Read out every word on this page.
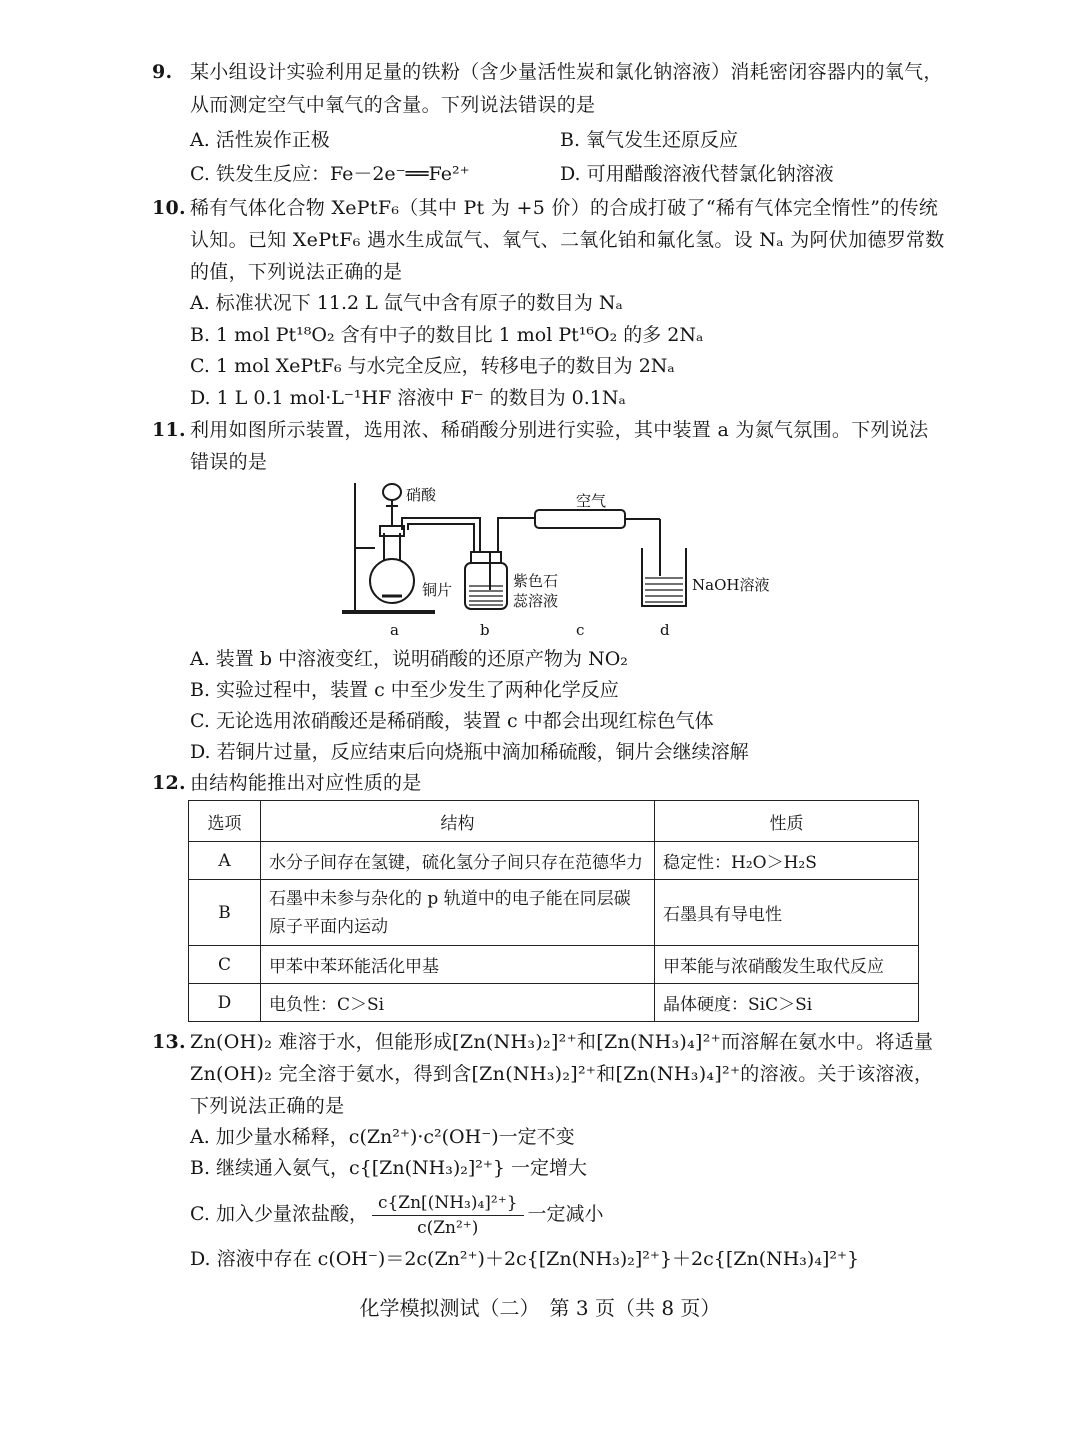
9. 某小组设计实验利用足量的铁粉（含少量活性炭和氯化钠溶液）消耗密闭容器内的氧气，
从而测定空气中氧气的含量。下列说法错误的是
A. 活性炭作正极	B. 氧气发生还原反应
C. 铁发生反应：Fe－2e⁻══Fe²⁺	D. 可用醋酸溶液代替氯化钠溶液
10. 稀有气体化合物 XePtF₆（其中 Pt 为 +5 价）的合成打破了“稀有气体完全惰性”的传统
认知。已知 XePtF₆ 遇水生成氙气、氧气、二氧化铂和氟化氢。设 Nₐ 为阿伏加德罗常数
的值，下列说法正确的是
A. 标准状况下 11.2 L 氙气中含有原子的数目为 Nₐ
B. 1 mol Pt¹⁸O₂ 含有中子的数目比 1 mol Pt¹⁶O₂ 的多 2Nₐ
C. 1 mol XePtF₆ 与水完全反应，转移电子的数目为 2Nₐ
D. 1 L 0.1 mol·L⁻¹HF 溶液中 F⁻ 的数目为 0.1Nₐ
11. 利用如图所示装置，选用浓、稀硝酸分别进行实验，其中装置 a 为氮气氛围。下列说法
错误的是
硝酸	空气
铜片	紫色石
蕊溶液
NaOH溶液
a	b	c	d
A. 装置 b 中溶液变红，说明硝酸的还原产物为 NO₂
B. 实验过程中，装置 c 中至少发生了两种化学反应
C. 无论选用浓硝酸还是稀硝酸，装置 c 中都会出现红棕色气体
D. 若铜片过量，反应结束后向烧瓶中滴加稀硫酸，铜片会继续溶解
12. 由结构能推出对应性质的是
选项	结构	性质
A	水分子间存在氢键，硫化氢分子间只存在范德华力	稳定性：H₂O＞H₂S
B	石墨中未参与杂化的 p 轨道中的电子能在同层碳原子平面内运动	石墨具有导电性
C	甲苯中苯环能活化甲基	甲苯能与浓硝酸发生取代反应
D	电负性：C＞Si	晶体硬度：SiC＞Si
13. Zn(OH)₂ 难溶于水，但能形成[Zn(NH₃)₂]²⁺和[Zn(NH₃)₄]²⁺而溶解在氨水中。将适量
Zn(OH)₂ 完全溶于氨水，得到含[Zn(NH₃)₂]²⁺和[Zn(NH₃)₄]²⁺的溶液。关于该溶液，
下列说法正确的是
A. 加少量水稀释，c(Zn²⁺)·c²(OH⁻)一定不变
B. 继续通入氨气，c{[Zn(NH₃)₂]²⁺} 一定增大
C. 加入少量浓盐酸， $\frac{\text{c\{Zn[(NH₃)₄]²⁺\}}}{\text{c(Zn²⁺)}}$ 一定减小
D. 溶液中存在 c(OH⁻)＝2c(Zn²⁺)＋2c{[Zn(NH₃)₂]²⁺}＋2c{[Zn(NH₃)₄]²⁺}
化学模拟测试（二）　第 3 页（共 8 页）
